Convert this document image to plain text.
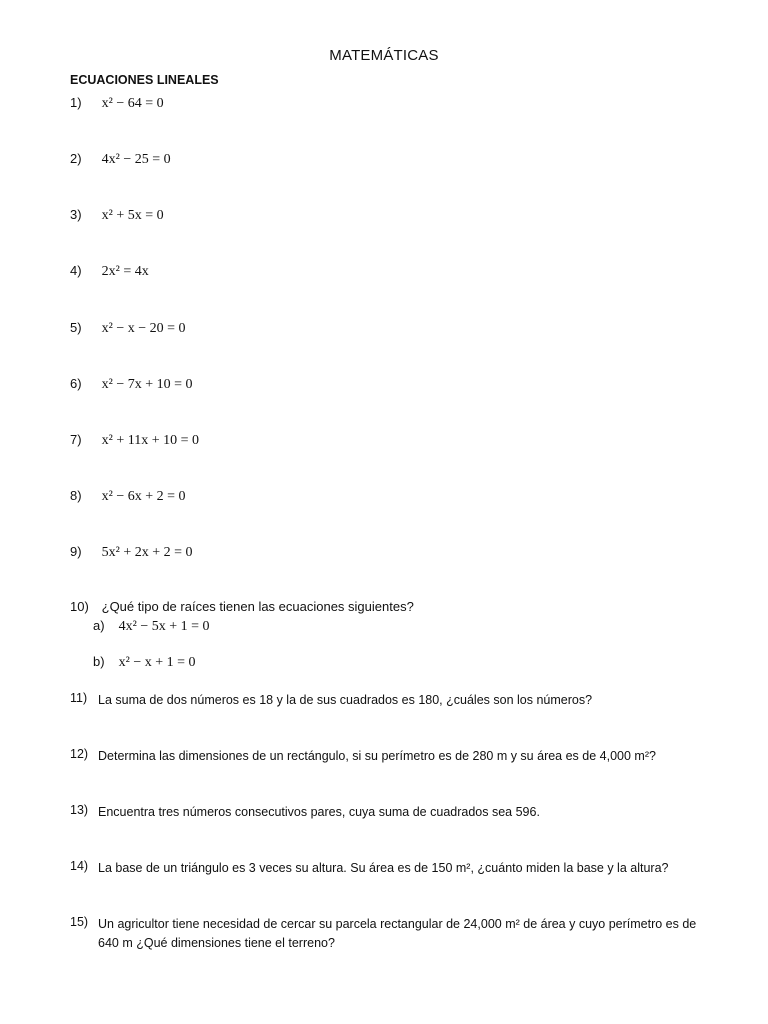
MATEMÁTICAS
ECUACIONES LINEALES
1) x² − 64 = 0
2) 4x² − 25 = 0
3) x² + 5x = 0
4) 2x² = 4x
5) x² − x − 20 = 0
6) x² − 7x + 10 = 0
7) x² + 11x + 10 = 0
8) x² − 6x + 2 = 0
9) 5x² + 2x + 2 = 0
10) ¿Qué tipo de raíces tienen las ecuaciones siguientes?
a) 4x² − 5x + 1 = 0
b) x² − x + 1 = 0
11) La suma de dos números es 18 y la de sus cuadrados es 180, ¿cuáles son los números?
12) Determina las dimensiones de un rectángulo, si su perímetro es de 280 m y su área es de 4,000 m²?
13) Encuentra tres números consecutivos pares, cuya suma de cuadrados sea 596.
14) La base de un triángulo es 3 veces su altura. Su área es de 150 m², ¿cuánto miden la base y la altura?
15) Un agricultor tiene necesidad de cercar su parcela rectangular de 24,000 m² de área y cuyo perímetro es de 640 m ¿Qué dimensiones tiene el terreno?
